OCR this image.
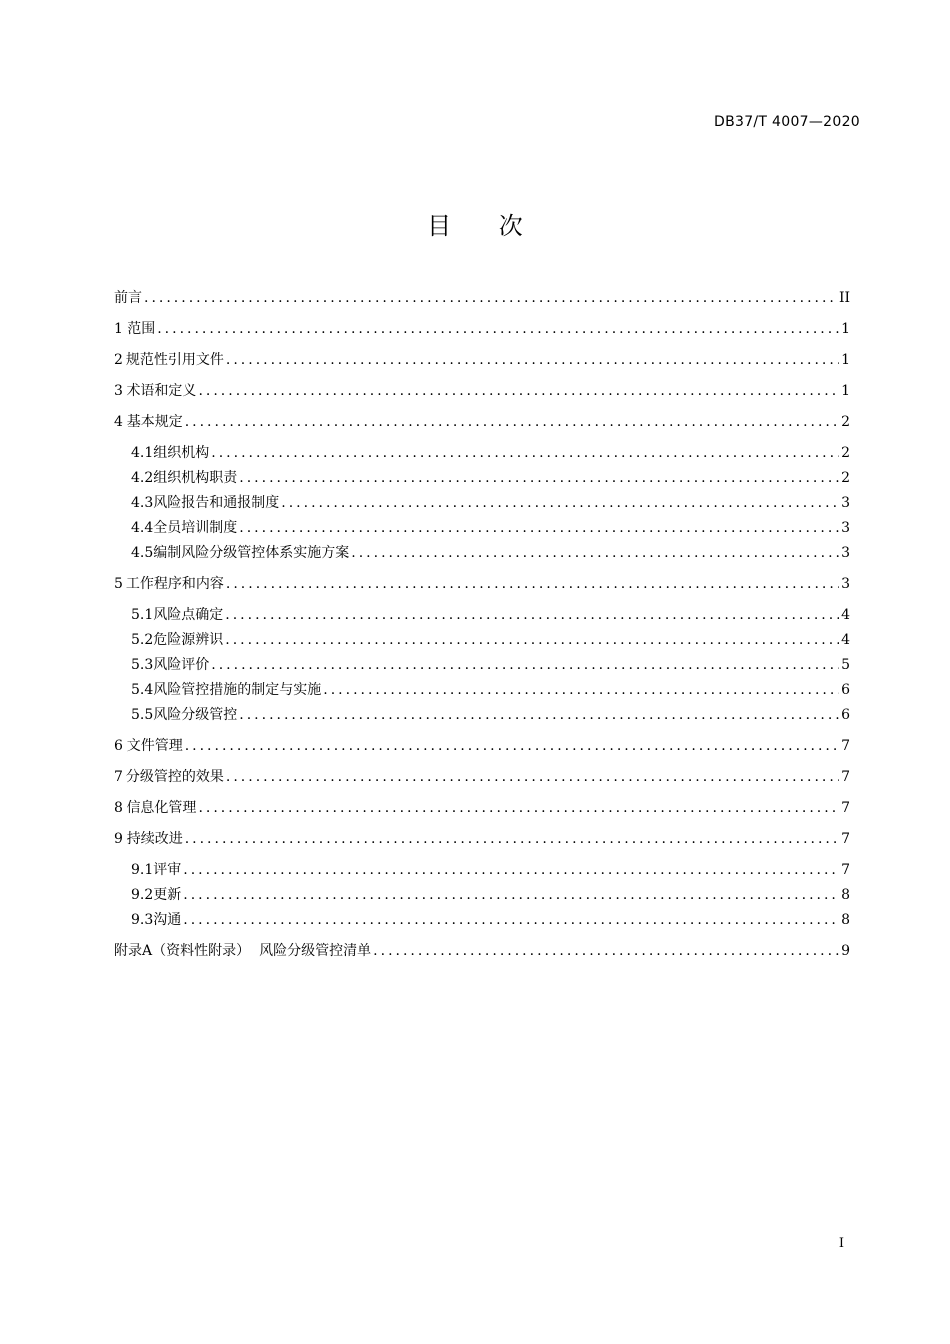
DB37/T 4007—2020
目 次
前言 .....	II
1 范围 .....	1
2 规范性引用文件 .....	1
3 术语和定义 .....	1
4 基本规定 .....	2
4.1 组织机构 .....	2
4.2 组织机构职责 .....	2
4.3 风险报告和通报制度 .....	3
4.4 全员培训制度 .....	3
4.5 编制风险分级管控体系实施方案 .....	3
5 工作程序和内容 .....	3
5.1 风险点确定 .....	4
5.2 危险源辨识 .....	4
5.3 风险评价 .....	5
5.4 风险管控措施的制定与实施 .....	6
5.5 风险分级管控 .....	6
6 文件管理 .....	7
7 分级管控的效果 .....	7
8 信息化管理 .....	7
9 持续改进 .....	7
9.1 评审 .....	7
9.2 更新 .....	8
9.3 沟通 .....	8
附录A（资料性附录） 风险分级管控清单 .....	9
I
